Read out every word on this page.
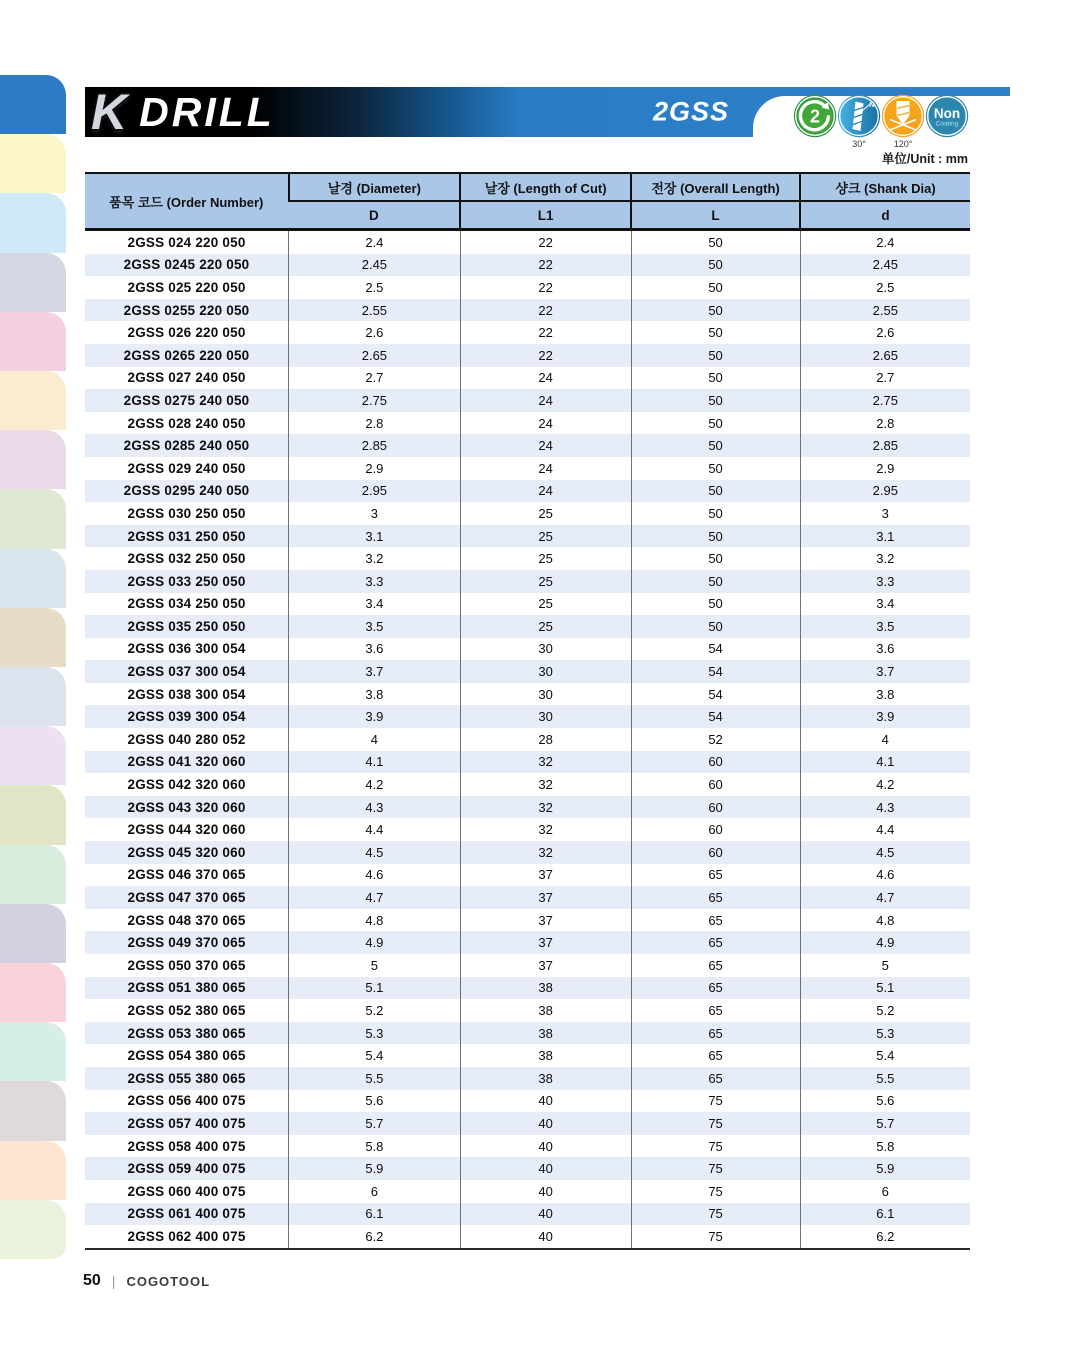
K DRILL	2GSS	2
N
30°	120°
Non
Coating
单位/Unit : mm
품목 코드 (Order Number)	날경 (Diameter)	날장 (Length of Cut)	전장 (Overall Length)	샹크 (Shank Dia)
	D	L1	L	d
2GSS 024 220 050	2.4	22	50	2.4
2GSS 0245 220 050	2.45	22	50	2.45
2GSS 025 220 050	2.5	22	50	2.5
2GSS 0255 220 050	2.55	22	50	2.55
2GSS 026 220 050	2.6	22	50	2.6
2GSS 0265 220 050	2.65	22	50	2.65
2GSS 027 240 050	2.7	24	50	2.7
2GSS 0275 240 050	2.75	24	50	2.75
2GSS 028 240 050	2.8	24	50	2.8
2GSS 0285 240 050	2.85	24	50	2.85
2GSS 029 240 050	2.9	24	50	2.9
2GSS 0295 240 050	2.95	24	50	2.95
2GSS 030 250 050	3	25	50	3
2GSS 031 250 050	3.1	25	50	3.1
2GSS 032 250 050	3.2	25	50	3.2
2GSS 033 250 050	3.3	25	50	3.3
2GSS 034 250 050	3.4	25	50	3.4
2GSS 035 250 050	3.5	25	50	3.5
2GSS 036 300 054	3.6	30	54	3.6
2GSS 037 300 054	3.7	30	54	3.7
2GSS 038 300 054	3.8	30	54	3.8
2GSS 039 300 054	3.9	30	54	3.9
2GSS 040 280 052	4	28	52	4
2GSS 041 320 060	4.1	32	60	4.1
2GSS 042 320 060	4.2	32	60	4.2
2GSS 043 320 060	4.3	32	60	4.3
2GSS 044 320 060	4.4	32	60	4.4
2GSS 045 320 060	4.5	32	60	4.5
2GSS 046 370 065	4.6	37	65	4.6
2GSS 047 370 065	4.7	37	65	4.7
2GSS 048 370 065	4.8	37	65	4.8
2GSS 049 370 065	4.9	37	65	4.9
2GSS 050 370 065	5	37	65	5
2GSS 051 380 065	5.1	38	65	5.1
2GSS 052 380 065	5.2	38	65	5.2
2GSS 053 380 065	5.3	38	65	5.3
2GSS 054 380 065	5.4	38	65	5.4
2GSS 055 380 065	5.5	38	65	5.5
2GSS 056 400 075	5.6	40	75	5.6
2GSS 057 400 075	5.7	40	75	5.7
2GSS 058 400 075	5.8	40	75	5.8
2GSS 059 400 075	5.9	40	75	5.9
2GSS 060 400 075	6	40	75	6
2GSS 061 400 075	6.1	40	75	6.1
2GSS 062 400 075	6.2	40	75	6.2
50 | COGOTOOL
